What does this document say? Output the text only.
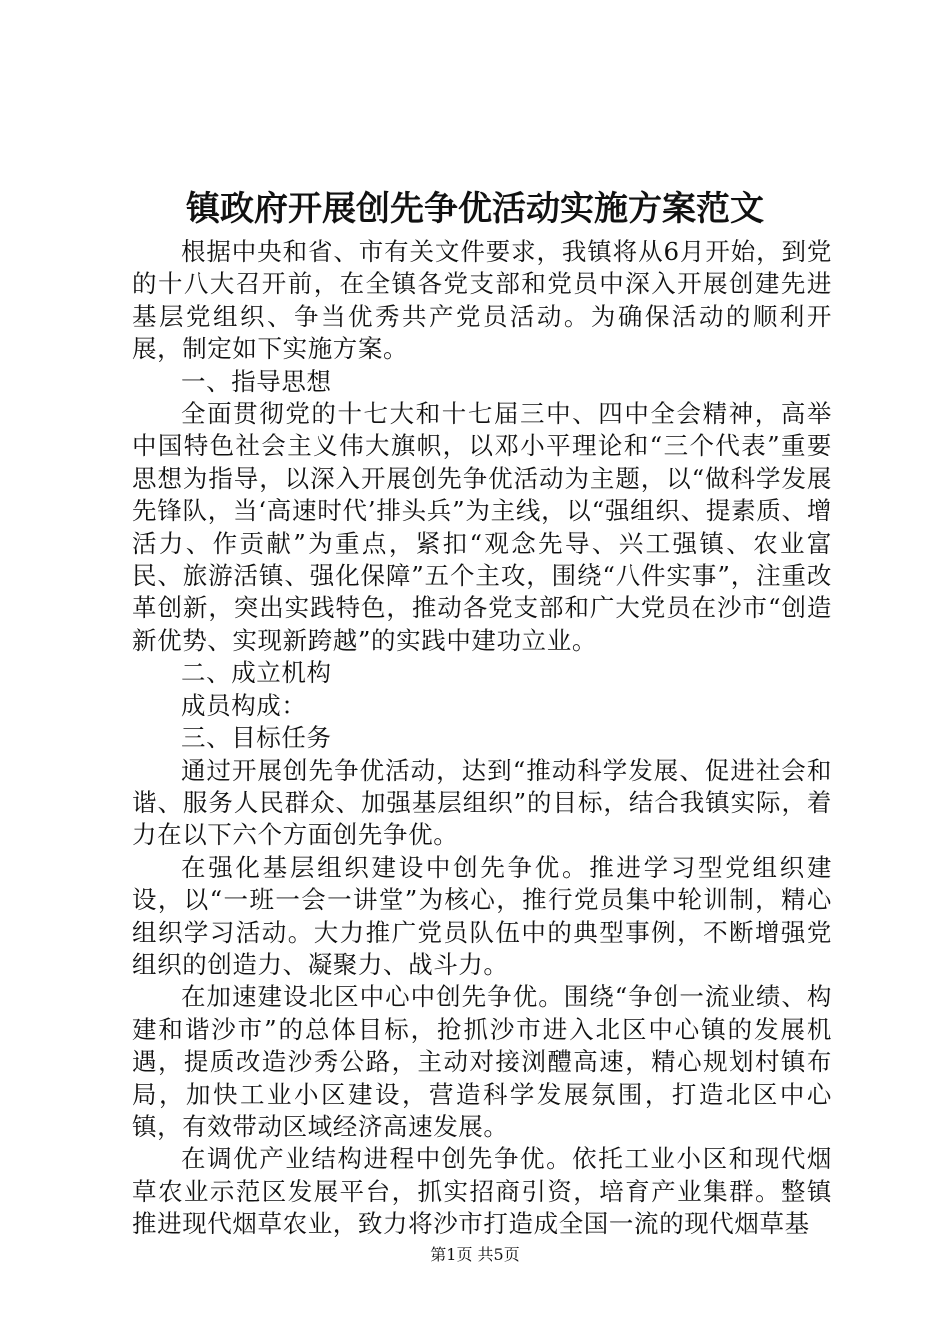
镇政府开展创先争优活动实施方案范文

根据中央和省、市有关文件要求，我镇将从6月开始，到党的十八大召开前，在全镇各党支部和党员中深入开展创建先进基层党组织、争当优秀共产党员活动。为确保活动的顺利开展，制定如下实施方案。

一、指导思想

全面贯彻党的十七大和十七届三中、四中全会精神，高举中国特色社会主义伟大旗帜，以邓小平理论和“三个代表”重要思想为指导，以深入开展创先争优活动为主题，以“做科学发展先锋队，当‘高速时代’排头兵”为主线，以“强组织、提素质、增活力、作贡献”为重点，紧扣“观念先导、兴工强镇、农业富民、旅游活镇、强化保障”五个主攻，围绕“八件实事”，注重改革创新，突出实践特色，推动各党支部和广大党员在沙市“创造新优势、实现新跨越”的实践中建功立业。

二、成立机构

成员构成：

三、目标任务

通过开展创先争优活动，达到“推动科学发展、促进社会和谐、服务人民群众、加强基层组织”的目标，结合我镇实际，着力在以下六个方面创先争优。

在强化基层组织建设中创先争优。推进学习型党组织建设，以“一班一会一讲堂”为核心，推行党员集中轮训制，精心组织学习活动。大力推广党员队伍中的典型事例，不断增强党组织的创造力、凝聚力、战斗力。

在加速建设北区中心中创先争优。围绕“争创一流业绩、构建和谐沙市”的总体目标，抢抓沙市进入北区中心镇的发展机遇，提质改造沙秀公路，主动对接浏醴高速，精心规划村镇布局，加快工业小区建设，营造科学发展氛围，打造北区中心镇，有效带动区域经济高速发展。

在调优产业结构进程中创先争优。依托工业小区和现代烟草农业示范区发展平台，抓实招商引资，培育产业集群。整镇推进现代烟草农业，致力将沙市打造成全国一流的现代烟草基

第1页 共5页
